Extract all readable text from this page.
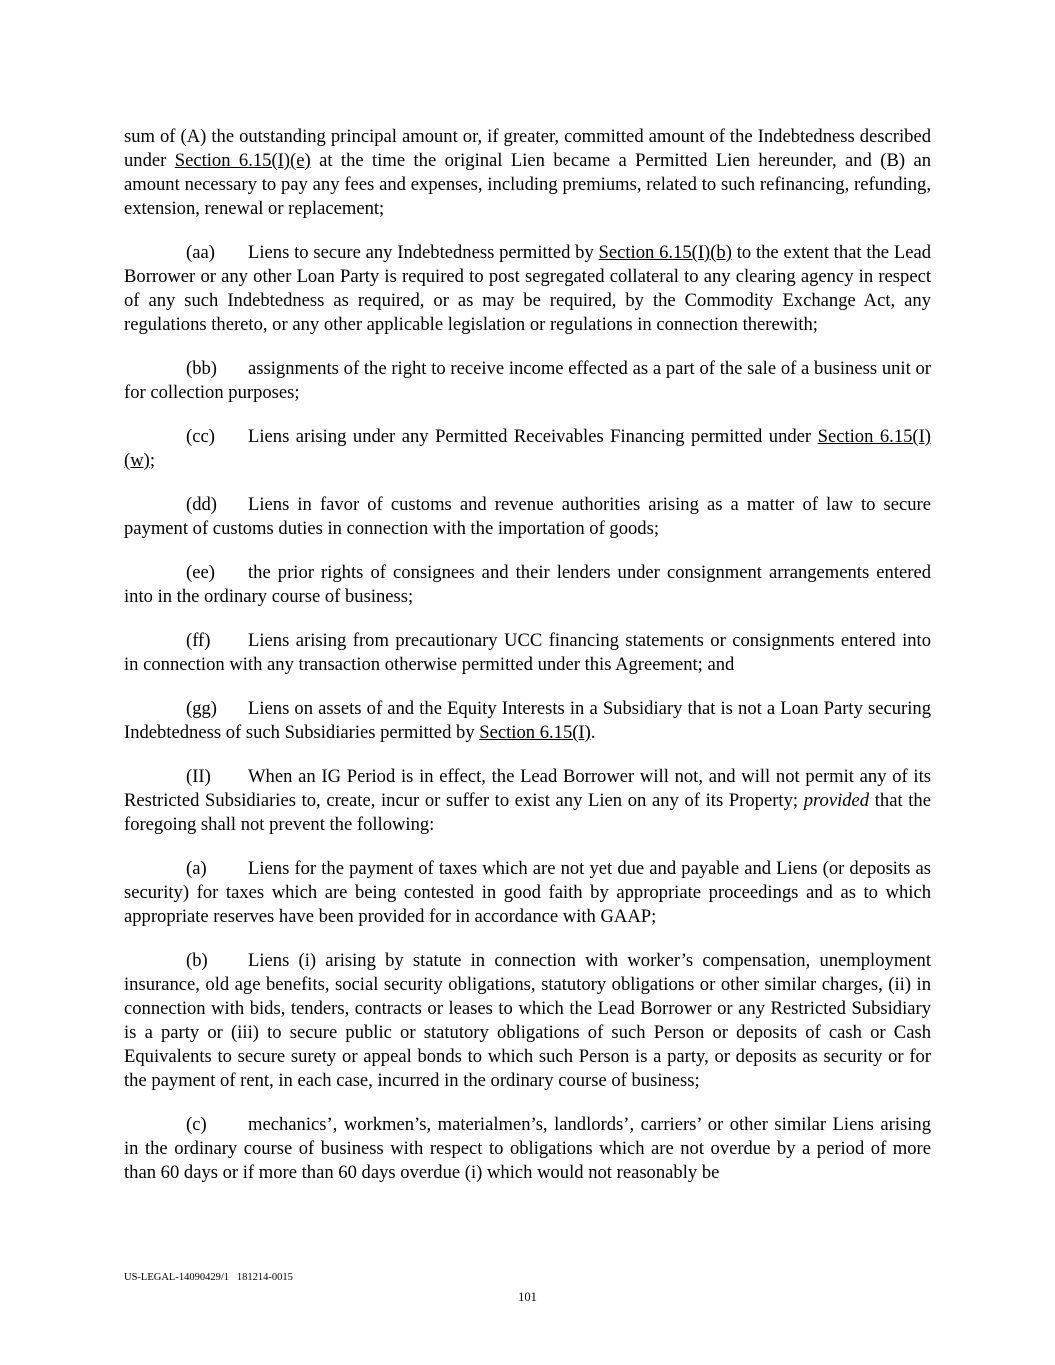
sum of (A) the outstanding principal amount or, if greater, committed amount of the Indebtedness described under Section 6.15(I)(e) at the time the original Lien became a Permitted Lien hereunder, and (B) an amount necessary to pay any fees and expenses, including premiums, related to such refinancing, refunding, extension, renewal or replacement;

(aa) Liens to secure any Indebtedness permitted by Section 6.15(I)(b) to the extent that the Lead Borrower or any other Loan Party is required to post segregated collateral to any clearing agency in respect of any such Indebtedness as required, or as may be required, by the Commodity Exchange Act, any regulations thereto, or any other applicable legislation or regulations in connection therewith;

(bb) assignments of the right to receive income effected as a part of the sale of a business unit or for collection purposes;

(cc) Liens arising under any Permitted Receivables Financing permitted under Section 6.15(I)(w);

(dd) Liens in favor of customs and revenue authorities arising as a matter of law to secure payment of customs duties in connection with the importation of goods;

(ee) the prior rights of consignees and their lenders under consignment arrangements entered into in the ordinary course of business;

(ff) Liens arising from precautionary UCC financing statements or consignments entered into in connection with any transaction otherwise permitted under this Agreement; and

(gg) Liens on assets of and the Equity Interests in a Subsidiary that is not a Loan Party securing Indebtedness of such Subsidiaries permitted by Section 6.15(I).

(II) When an IG Period is in effect, the Lead Borrower will not, and will not permit any of its Restricted Subsidiaries to, create, incur or suffer to exist any Lien on any of its Property; provided that the foregoing shall not prevent the following:

(a) Liens for the payment of taxes which are not yet due and payable and Liens (or deposits as security) for taxes which are being contested in good faith by appropriate proceedings and as to which appropriate reserves have been provided for in accordance with GAAP;

(b) Liens (i) arising by statute in connection with worker’s compensation, unemployment insurance, old age benefits, social security obligations, statutory obligations or other similar charges, (ii) in connection with bids, tenders, contracts or leases to which the Lead Borrower or any Restricted Subsidiary is a party or (iii) to secure public or statutory obligations of such Person or deposits of cash or Cash Equivalents to secure surety or appeal bonds to which such Person is a party, or deposits as security or for the payment of rent, in each case, incurred in the ordinary course of business;

(c) mechanics’, workmen’s, materialmen’s, landlords’, carriers’ or other similar Liens arising in the ordinary course of business with respect to obligations which are not overdue by a period of more than 60 days or if more than 60 days overdue (i) which would not reasonably be

US-LEGAL-14090429/1   181214-0015
101
